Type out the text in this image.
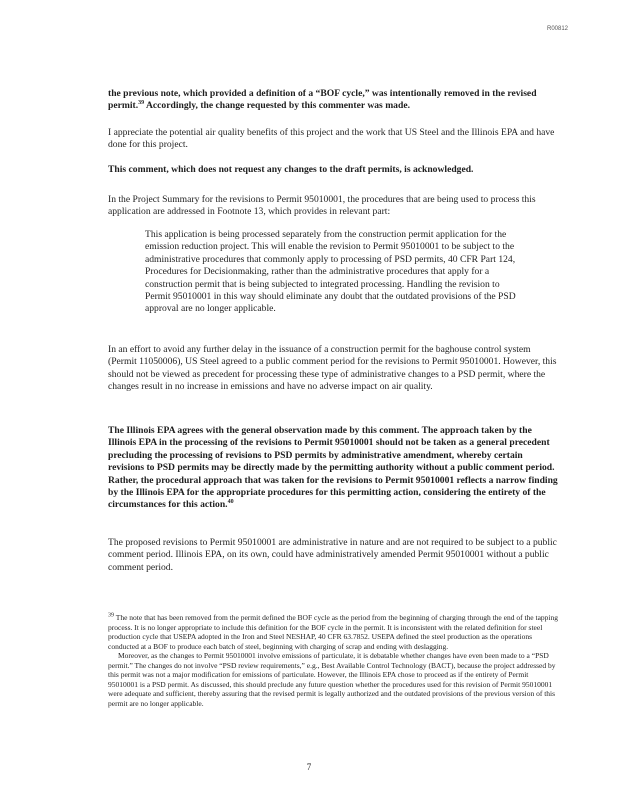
R00812

the previous note, which provided a definition of a “BOF cycle,” was intentionally removed in the revised permit.$^{39}$ Accordingly, the change requested by this commenter was made.

I appreciate the potential air quality benefits of this project and the work that US Steel and the Illinois EPA and have done for this project.

This comment, which does not request any changes to the draft permits, is acknowledged.

In the Project Summary for the revisions to Permit 95010001, the procedures that are being used to process this application are addressed in Footnote 13, which provides in relevant part:

This application is being processed separately from the construction permit application for the emission reduction project. This will enable the revision to Permit 95010001 to be subject to the administrative procedures that commonly apply to processing of PSD permits, 40 CFR Part 124, Procedures for Decisionmaking, rather than the administrative procedures that apply for a construction permit that is being subjected to integrated processing. Handling the revision to Permit 95010001 in this way should eliminate any doubt that the outdated provisions of the PSD approval are no longer applicable.

In an effort to avoid any further delay in the issuance of a construction permit for the baghouse control system (Permit 11050006), US Steel agreed to a public comment period for the revisions to Permit 95010001. However, this should not be viewed as precedent for processing these type of administrative changes to a PSD permit, where the changes result in no increase in emissions and have no adverse impact on air quality.

The Illinois EPA agrees with the general observation made by this comment. The approach taken by the Illinois EPA in the processing of the revisions to Permit 95010001 should not be taken as a general precedent precluding the processing of revisions to PSD permits by administrative amendment, whereby certain revisions to PSD permits may be directly made by the permitting authority without a public comment period. Rather, the procedural approach that was taken for the revisions to Permit 95010001 reflects a narrow finding by the Illinois EPA for the appropriate procedures for this permitting action, considering the entirety of the circumstances for this action.$^{40}$

The proposed revisions to Permit 95010001 are administrative in nature and are not required to be subject to a public comment period. Illinois EPA, on its own, could have administratively amended Permit 95010001 without a public comment period.

$^{39}$ The note that has been removed from the permit defined the BOF cycle as the period from the beginning of charging through the end of the tapping process. It is no longer appropriate to include this definition for the BOF cycle in the permit. It is inconsistent with the related definition for steel production cycle that USEPA adopted in the Iron and Steel NESHAP, 40 CFR 63.7852. USEPA defined the steel production as the operations conducted at a BOF to produce each batch of steel, beginning with charging of scrap and ending with deslagging.

Moreover, as the changes to Permit 95010001 involve emissions of particulate, it is debatable whether changes have even been made to a “PSD permit.” The changes do not involve “PSD review requirements,” e.g., Best Available Control Technology (BACT), because the project addressed by this permit was not a major modification for emissions of particulate. However, the Illinois EPA chose to proceed as if the entirety of Permit 95010001 is a PSD permit. As discussed, this should preclude any future question whether the procedures used for this revision of Permit 95010001 were adequate and sufficient, thereby assuring that the revised permit is legally authorized and the outdated provisions of the previous version of this permit are no longer applicable.

7
